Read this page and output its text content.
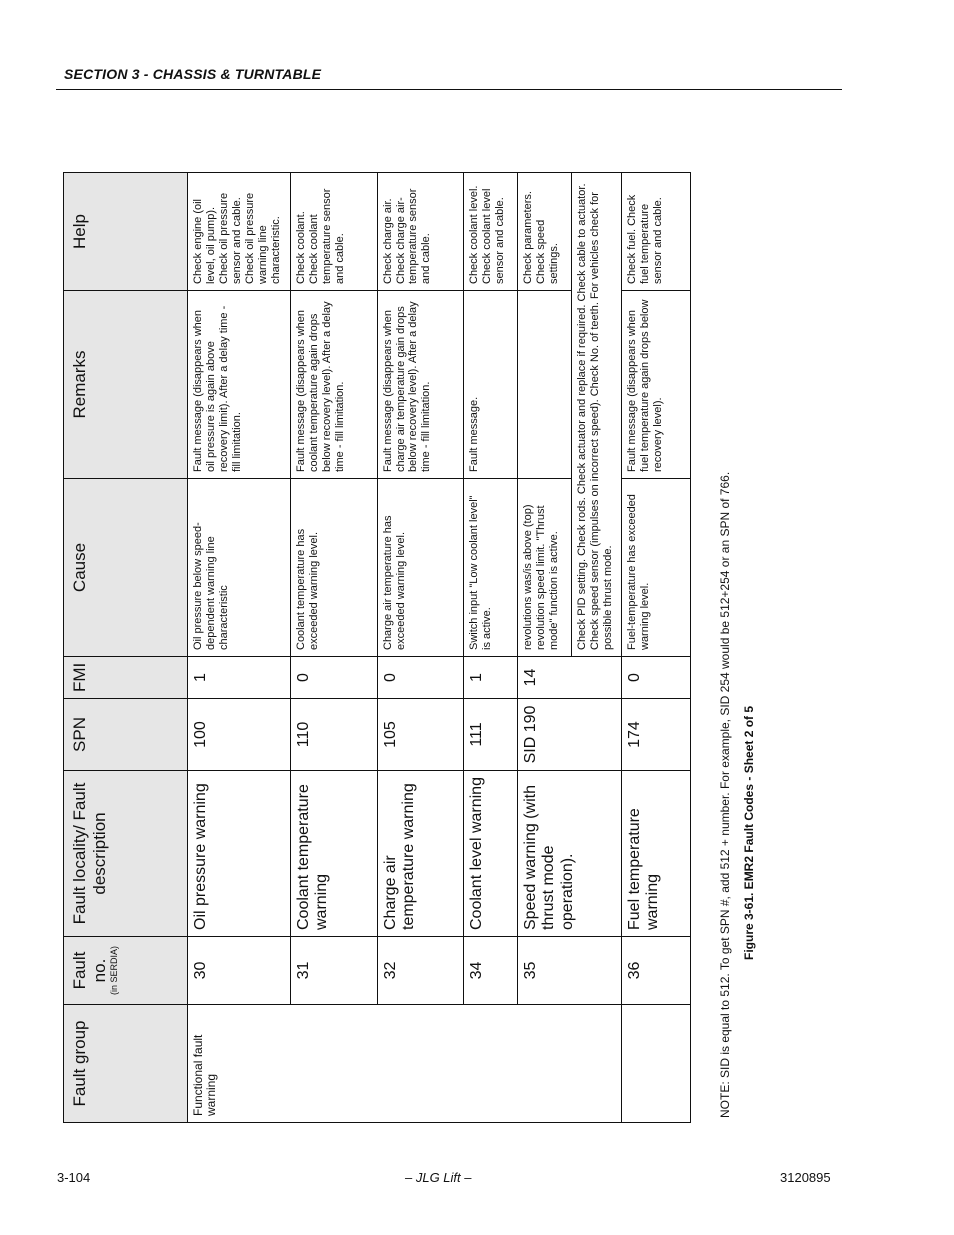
SECTION 3 - CHASSIS & TURNTABLE
Fault group	Fault no. (in SERDIA)	Fault locality/ Fault description	SPN	FMI	Cause	Remarks	Help
Functional fault warning	30	Oil pressure warning	100	1	Oil pressure below speed-dependent warning line characteristic	Fault message (disappears when oil pressure is again above recovery limit). After a delay time - fill limitation.	Check engine (oil level, oil pump). Check oil pressure sensor and cable. Check oil pressure warning line characteristic.
	31	Coolant temperature warning	110	0	Coolant temperature has exceeded warning level.	Fault message (disappears when coolant temperature again drops below recovery level). After a delay time - fill limitation.	Check coolant. Check coolant temperature sensor and cable.
	32	Charge air temperature warning	105	0	Charge air temperature has exceeded warning level.	Fault message (disappears when charge air temperature gain drops below recovery level). After a delay time - fill limitation.	Check charge air. Check charge air-temperature sensor and cable.
	34	Coolant level warning	111	1	Switch input "Low coolant level" is active.	Fault message.	Check coolant level. Check coolant level sensor and cable.
	35	Speed warning (with thrust mode operation).	SID 190	14	revolutions was/is above (top) revolution speed limit. "Thrust mode" function is active.		Check parameters. Check speed settings.
					Check PID setting. Check rods. Check actuator and replace if required. Check cable to actuator. Check speed sensor (impulses on incorrect speed). Check No. of teeth. For vehicles check for possible thrust mode.		
	36	Fuel temperature warning	174	0	Fuel-temperature has exceeded warning level.	Fault message (disappears when fuel temperature again drops below recovery level).	Check fuel. Check fuel temperature sensor and cable.
NOTE: SID is equal to 512. To get SPN #, add 512 + number. For example, SID 254 would be 512+254 or an SPN of 766. Figure 3-61. EMR2 Fault Codes - Sheet 2 of 5
3-104	– JLG Lift –	3120895
